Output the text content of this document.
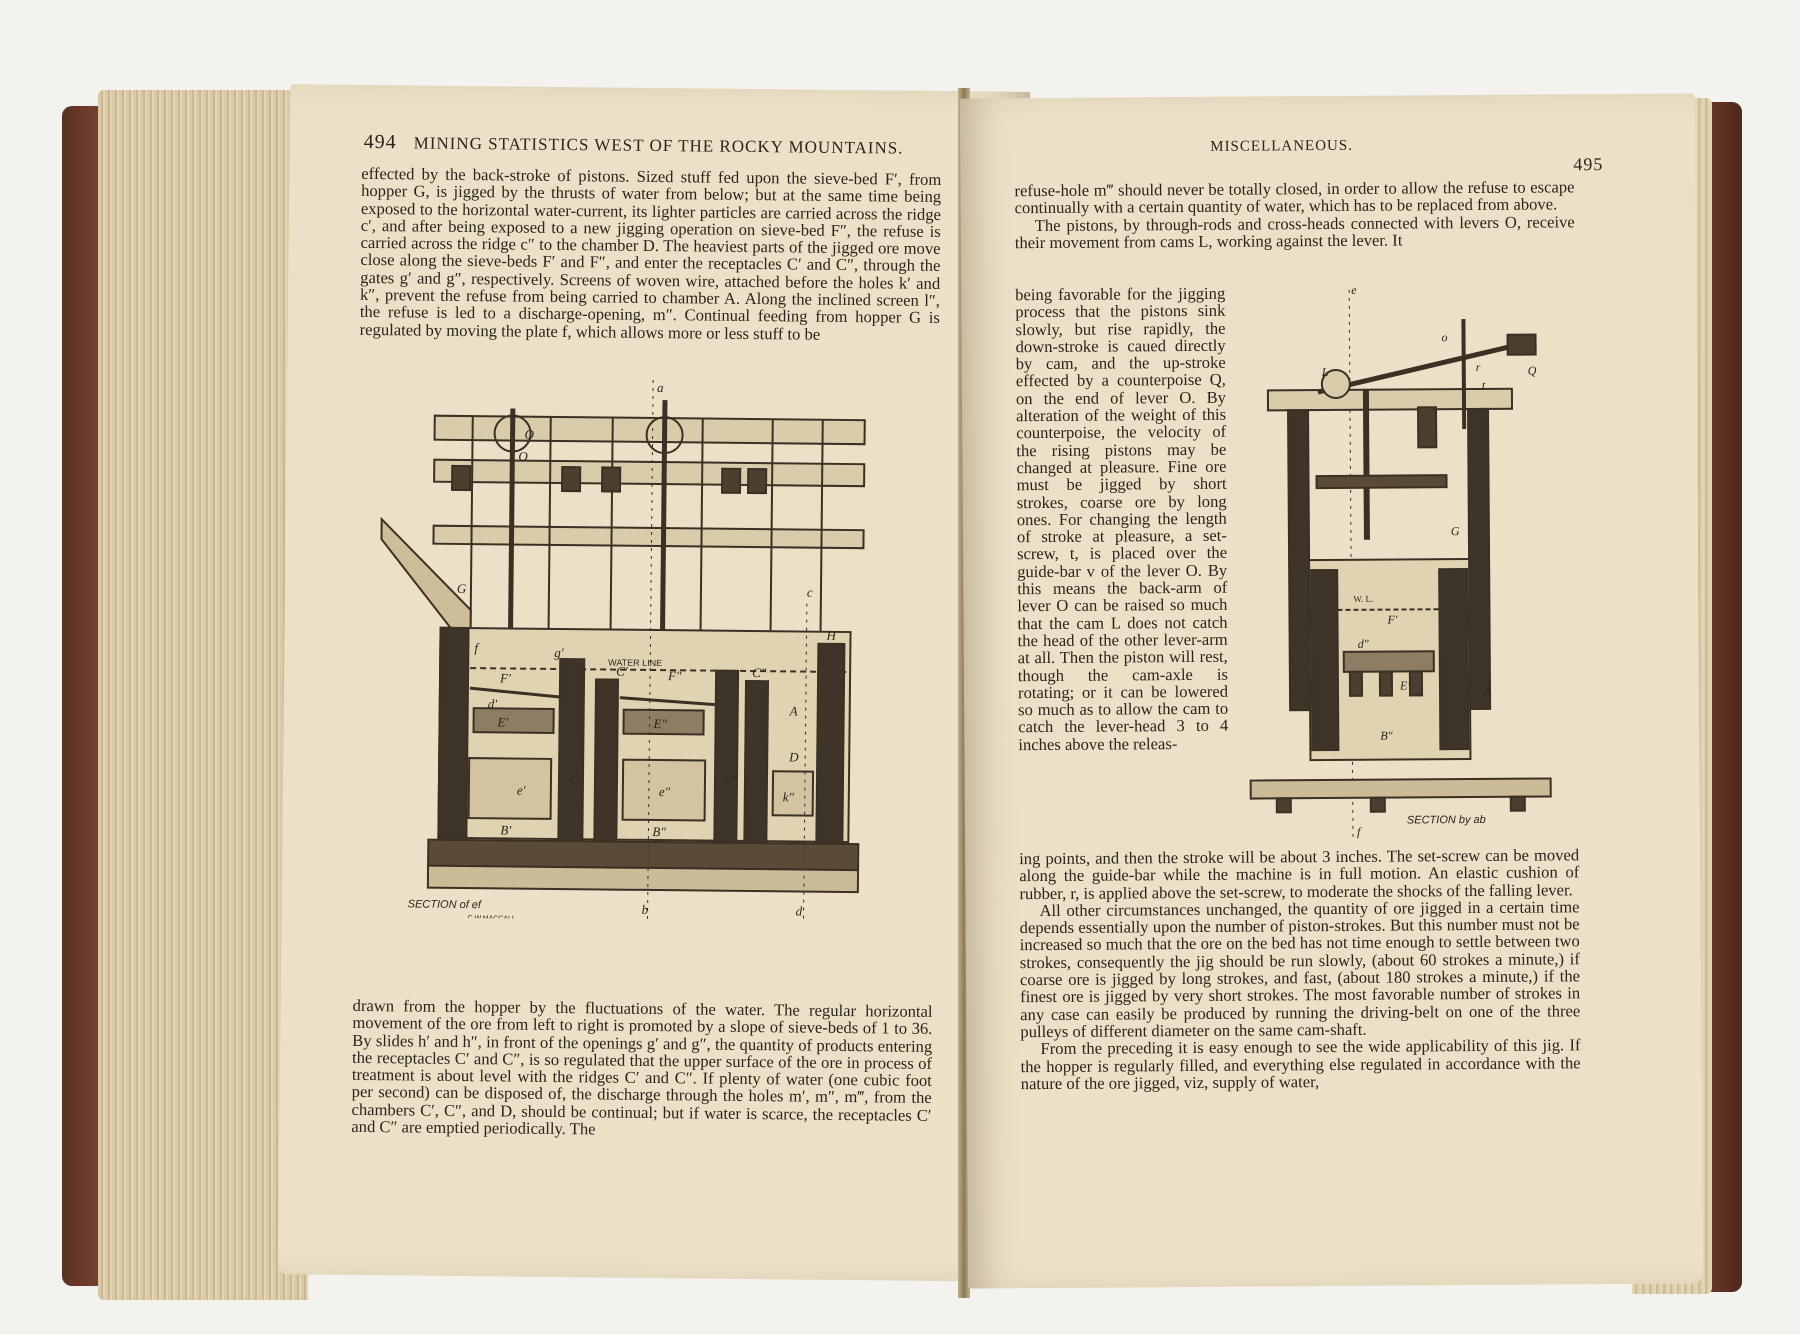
494 MINING STATISTICS WEST OF THE ROCKY MOUNTAINS.

effected by the back-stroke of pistons. Sized stuff fed upon the sieve-bed F′, from hopper G, is jigged by the thrusts of water from below; but at the same time being exposed to the horizontal water-current, its lighter particles are carried across the ridge c′, and after being exposed to a new jigging operation on sieve-bed F″, the refuse is carried across the ridge c″ to the chamber D. The heaviest parts of the jigged ore move close along the sieve-beds F′ and F″, and enter the receptacles C′ and C″, through the gates g′ and g″, respectively. Screens of woven wire, attached before the holes k′ and k″, prevent the refuse from being carried to chamber A. Along the inclined screen l″, the refuse is led to a discharge-opening, m″. Continual feeding from hopper G is regulated by moving the plate f, which allows more or less stuff to be

a
b
c
d
G
H
f	g′
F′
c′
F″
c″
d′
E′	E″
e′	e″
B′	B″
C′	C″
k″
D
A
Q
O
WATER LINE
SECTION of ef
C.W.MACCALL

drawn from the hopper by the fluctuations of the water. The regular horizontal movement of the ore from left to right is promoted by a slope of sieve-beds of 1 to 36. By slides h′ and h″, in front of the openings g′ and g″, the quantity of products entering the receptacles C′ and C″, is so regulated that the upper surface of the ore in process of treatment is about level with the ridges C′ and C″. If plenty of water (one cubic foot per second) can be disposed of, the discharge through the holes m′, m″, m‴, from the chambers C′, C″, and D, should be continual; but if water is scarce, the receptacles C′ and C″ are emptied periodically. The

MISCELLANEOUS.
495

refuse-hole m‴ should never be totally closed, in order to allow the refuse to escape continually with a certain quantity of water, which has to be replaced from above.

The pistons, by through-rods and cross-heads connected with levers O, receive their movement from cams L, working against the lever. It

being favorable for the jigging process that the pistons sink slowly, but rise rapidly, the down-stroke is caued directly by cam, and the up-stroke effected by a counterpoise Q, on the end of lever O. By alteration of the weight of this counterpoise, the velocity of the rising pistons may be changed at pleasure. Fine ore must be jigged by short strokes, coarse ore by long ones. For changing the length of stroke at pleasure, a set-screw, t, is placed over the guide-bar v of the lever O. By this means the back-arm of lever O can be raised so much that the cam L does not catch the head of the other lever-arm at all. Then the piston will rest, though the cam-axle is rotating; or it can be lowered so much as to allow the cam to catch the lever-head 3 to 4 inches above the releas-

e
f
L
o
r
t
Q
G
F′
d″
E′	A
B″
W. L.
SECTION by ab

ing points, and then the stroke will be about 3 inches. The set-screw can be moved along the guide-bar while the machine is in full motion. An elastic cushion of rubber, r, is applied above the set-screw, to moderate the shocks of the falling lever.

All other circumstances unchanged, the quantity of ore jigged in a certain time depends essentially upon the number of piston-strokes. But this number must not be increased so much that the ore on the bed has not time enough to settle between two strokes, consequently the jig should be run slowly, (about 60 strokes a minute,) if coarse ore is jigged by long strokes, and fast, (about 180 strokes a minute,) if the finest ore is jigged by very short strokes. The most favorable number of strokes in any case can easily be produced by running the driving-belt on one of the three pulleys of different diameter on the same cam-shaft.

From the preceding it is easy enough to see the wide applicability of this jig. If the hopper is regularly filled, and everything else regulated in accordance with the nature of the ore jigged, viz, supply of water,
